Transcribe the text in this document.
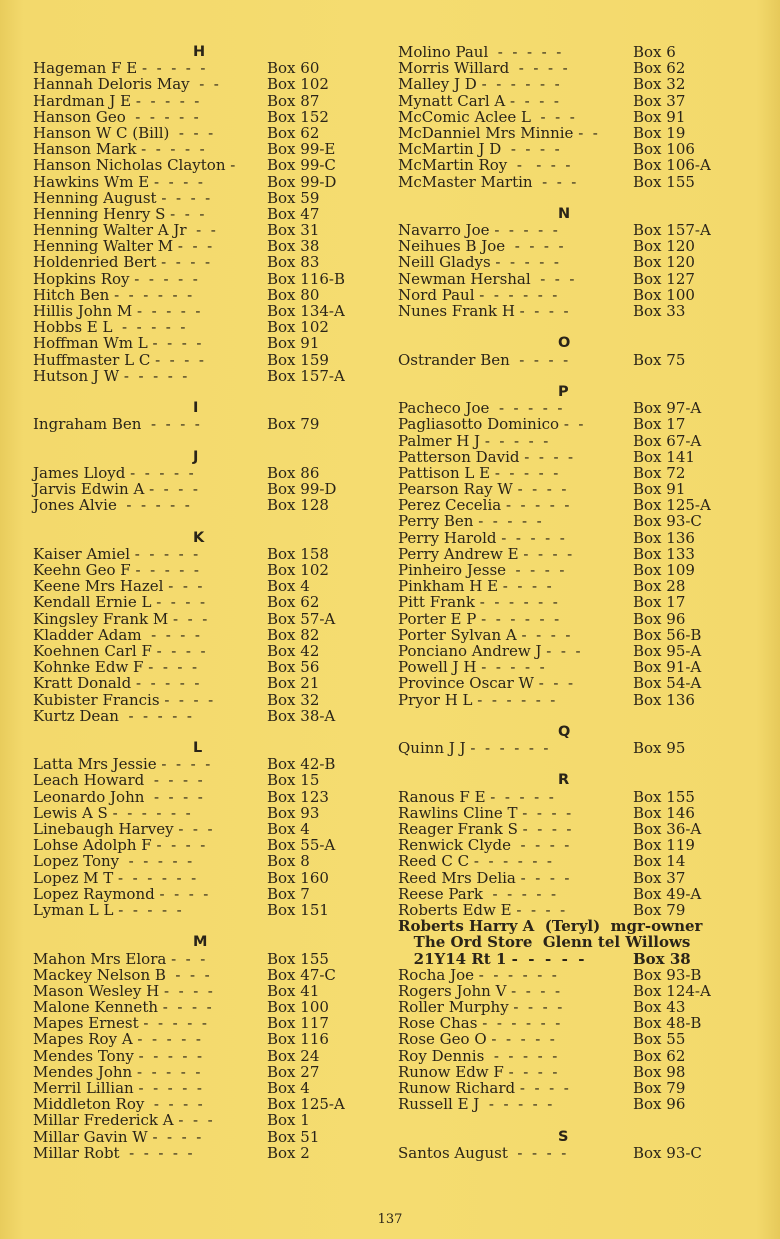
H
Hageman F E -  -  -  -  -	Box 60
Hannah Deloris May  -  -	Box 102
Hardman J E -  -  -  -  -	Box 87
Hanson Geo  -  -  -  -  -	Box 152
Hanson W C (Bill)  -  -  -	Box 62
Hanson Mark -  -  -  -  -	Box 99-E
Hanson Nicholas Clayton - Box 99-C
Hawkins Wm E -  -  -  -	Box 99-D
Henning August -  -  -  -	Box 59
Henning Henry S -  -  -	Box 47
Henning Walter A Jr  -  -	Box 31
Henning Walter M -  -  -	Box 38
Holdenried Bert -  -  -  -	Box 83
Hopkins Roy -  -  -  -  -	Box 116-B
Hitch Ben -  -  -  -  -  -	Box 80
Hillis John M -  -  -  -  -	Box 134-A
Hobbs E L  -  -  -  -  -	Box 102
Hoffman Wm L -  -  -  -	Box 91
Huffmaster L C -  -  -  -	Box 159
Hutson J W -  -  -  -  -	Box 157-A
I
Ingraham Ben  -  -  -  -	Box 79
J
James Lloyd -  -  -  -  -	Box 86
Jarvis Edwin A -  -  -  -	Box 99-D
Jones Alvie  -  -  -  -  -	Box 128
K
Kaiser Amiel -  -  -  -  -	Box 158
Keehn Geo F -  -  -  -  -	Box 102
Keene Mrs Hazel -  -  -	Box 4
Kendall Ernie L -  -  -  -	Box 62
Kingsley Frank M -  -  -	Box 57-A
Kladder Adam  -  -  -  -	Box 82
Koehnen Carl F -  -  -  -	Box 42
Kohnke Edw F -  -  -  -	Box 56
Kratt Donald -  -  -  -  -	Box 21
Kubister Francis -  -  -  -	Box 32
Kurtz Dean  -  -  -  -  -	Box 38-A
L
Latta Mrs Jessie -  -  -  -	Box 42-B
Leach Howard  -  -  -  -	Box 15
Leonardo John  -  -  -  -	Box 123
Lewis A S -  -  -  -  -  -	Box 93
Linebaugh Harvey -  -  -	Box 4
Lohse Adolph F -  -  -  -	Box 55-A
Lopez Tony  -  -  -  -  -	Box 8
Lopez M T -  -  -  -  -  -	Box 160
Lopez Raymond -  -  -  -	Box 7
Lyman L L -  -  -  -  -	Box 151
M
Mahon Mrs Elora -  -  -	Box 155
Mackey Nelson B  -  -  -	Box 47-C
Mason Wesley H -  -  -  -	Box 41
Malone Kenneth -  -  -  -	Box 100
Mapes Ernest -  -  -  -  -	Box 117
Mapes Roy A -  -  -  -  -	Box 116
Mendes Tony -  -  -  -  -	Box 24
Mendes John -  -  -  -  -	Box 27
Merril Lillian -  -  -  -  -	Box 4
Middleton Roy  -  -  -  -	Box 125-A
Millar Frederick A -  -  -	Box 1
Millar Gavin W -  -  -  -	Box 51
Millar Robt  -  -  -  -  -	Box 2
Molino Paul  -  -  -  -  -	Box 6
Morris Willard  -  -  -  -	Box 62
Malley J D -  -  -  -  -  -	Box 32
Mynatt Carl A -  -  -  -	Box 37
McComic Aclee L  -  -  -	Box 91
McDanniel Mrs Minnie -  - Box 19
McMartin J D  -  -  -  -	Box 106
McMartin Roy  -   -  -  -	Box 106-A
McMaster Martin  -  -  -	Box 155
N
Navarro Joe -  -  -  -  -	Box 157-A
Neihues B Joe  -  -  -  -	Box 120
Neill Gladys -  -  -  -  -	Box 120
Newman Hershal  -  -  -	Box 127
Nord Paul -  -  -  -  -  -	Box 100
Nunes Frank H -  -  -  -	Box 33
O
Ostrander Ben  -  -  -  -	Box 75
P
Pacheco Joe  -  -  -  -  -	Box 97-A
Pagliasotto Dominico -  -	Box 17
Palmer H J -  -  -  -  -	Box 67-A
Patterson David -  -  -  -	Box 141
Pattison L E -  -  -  -  -	Box 72
Pearson Ray W -  -  -  -	Box 91
Perez Cecelia -  -  -  -  -	Box 125-A
Perry Ben -  -  -  -  -	Box 93-C
Perry Harold -  -  -  -  -	Box 136
Perry Andrew E -  -  -  -	Box 133
Pinheiro Jesse  -  -  -  -	Box 109
Pinkham H E -  -  -  -	Box 28
Pitt Frank -  -  -  -  -  -	Box 17
Porter E P -  -  -  -  -  -	Box 96
Porter Sylvan A -  -  -  -	Box 56-B
Ponciano Andrew J -  -  -	Box 95-A
Powell J H -  -  -  -  -	Box 91-A
Province Oscar W -  -  -	Box 54-A
Pryor H L -  -  -  -  -  -	Box 136
Q
Quinn J J -  -  -  -  -  -	Box 95
R
Ranous F E -  -  -  -  -	Box 155
Rawlins Cline T -  -  -  -	Box 146
Reager Frank S -  -  -  -	Box 36-A
Renwick Clyde  -  -  -  -	Box 119
Reed C C -  -  -  -  -  -	Box 14
Reed Mrs Delia -  -  -  -	Box 37
Reese Park  -  -  -  -  -	Box 49-A
Roberts Edw E -  -  -  -	Box 79
Roberts Harry A  (Teryl)  mgr-owner
The Ord Store  Glenn tel Willows
21Y14 Rt 1 -  -  -  -  -	Box 38
Rocha Joe -  -  -  -  -  -	Box 93-B
Rogers John V -  -  -  -	Box 124-A
Roller Murphy -  -  -  -	Box 43
Rose Chas -  -  -  -  -  -	Box 48-B
Rose Geo O -  -  -  -  -	Box 55
Roy Dennis  -  -  -  -  -	Box 62
Runow Edw F -  -  -  -	Box 98
Runow Richard -  -  -  -	Box 79
Russell E J  -  -  -  -  -	Box 96
S
Santos August  -  -  -  -	Box 93-C
137
